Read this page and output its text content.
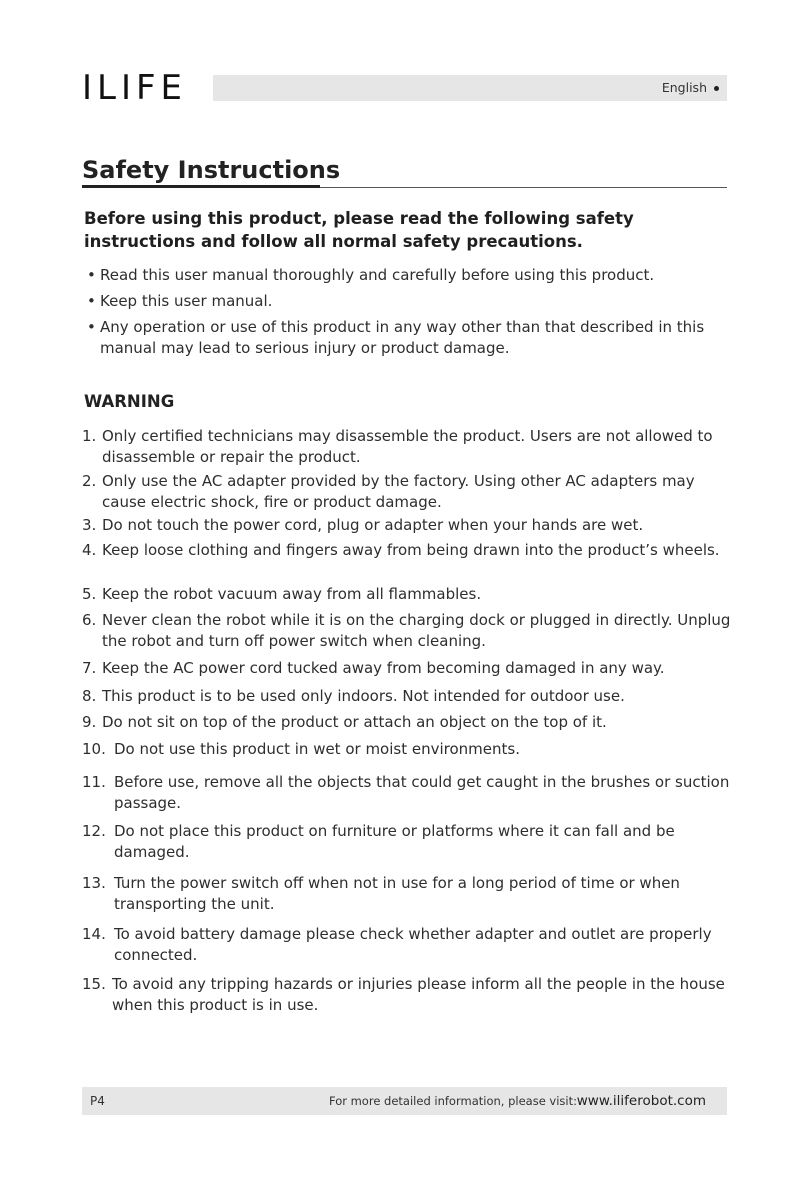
ILIFE	English
Safety Instructions
Before using this product, please read the following safety instructions and follow all normal safety precautions.
• Read this user manual thoroughly and carefully before using this product.
• Keep this user manual.
• Any operation or use of this product in any way other than that described in this manual may lead to serious injury or product damage.
WARNING
1. Only certified technicians may disassemble the product. Users are not allowed to disassemble or repair the product.
2. Only use the AC adapter provided by the factory. Using other AC adapters may cause electric shock, fire or product damage.
3. Do not touch the power cord, plug or adapter when your hands are wet.
4. Keep loose clothing and fingers away from being drawn into the product’s wheels.
5. Keep the robot vacuum away from all flammables.
6. Never clean the robot while it is on the charging dock or plugged in directly. Unplug the robot and turn off power switch when cleaning.
7. Keep the AC power cord tucked away from becoming damaged in any way.
8. This product is to be used only indoors. Not intended for outdoor use.
9. Do not sit on top of the product or attach an object on the top of it.
10. Do not use this product in wet or moist environments.
11. Before use, remove all the objects that could get caught in the brushes or suction passage.
12. Do not place this product on furniture or platforms where it can fall and be damaged.
13. Turn the power switch off when not in use for a long period of time or when transporting the unit.
14. To avoid battery damage please check whether adapter and outlet are properly connected.
15. To avoid any tripping hazards or injuries please inform all the people in the house when this product is in use.
P4	For more detailed information, please visit: www.iliferobot.com
